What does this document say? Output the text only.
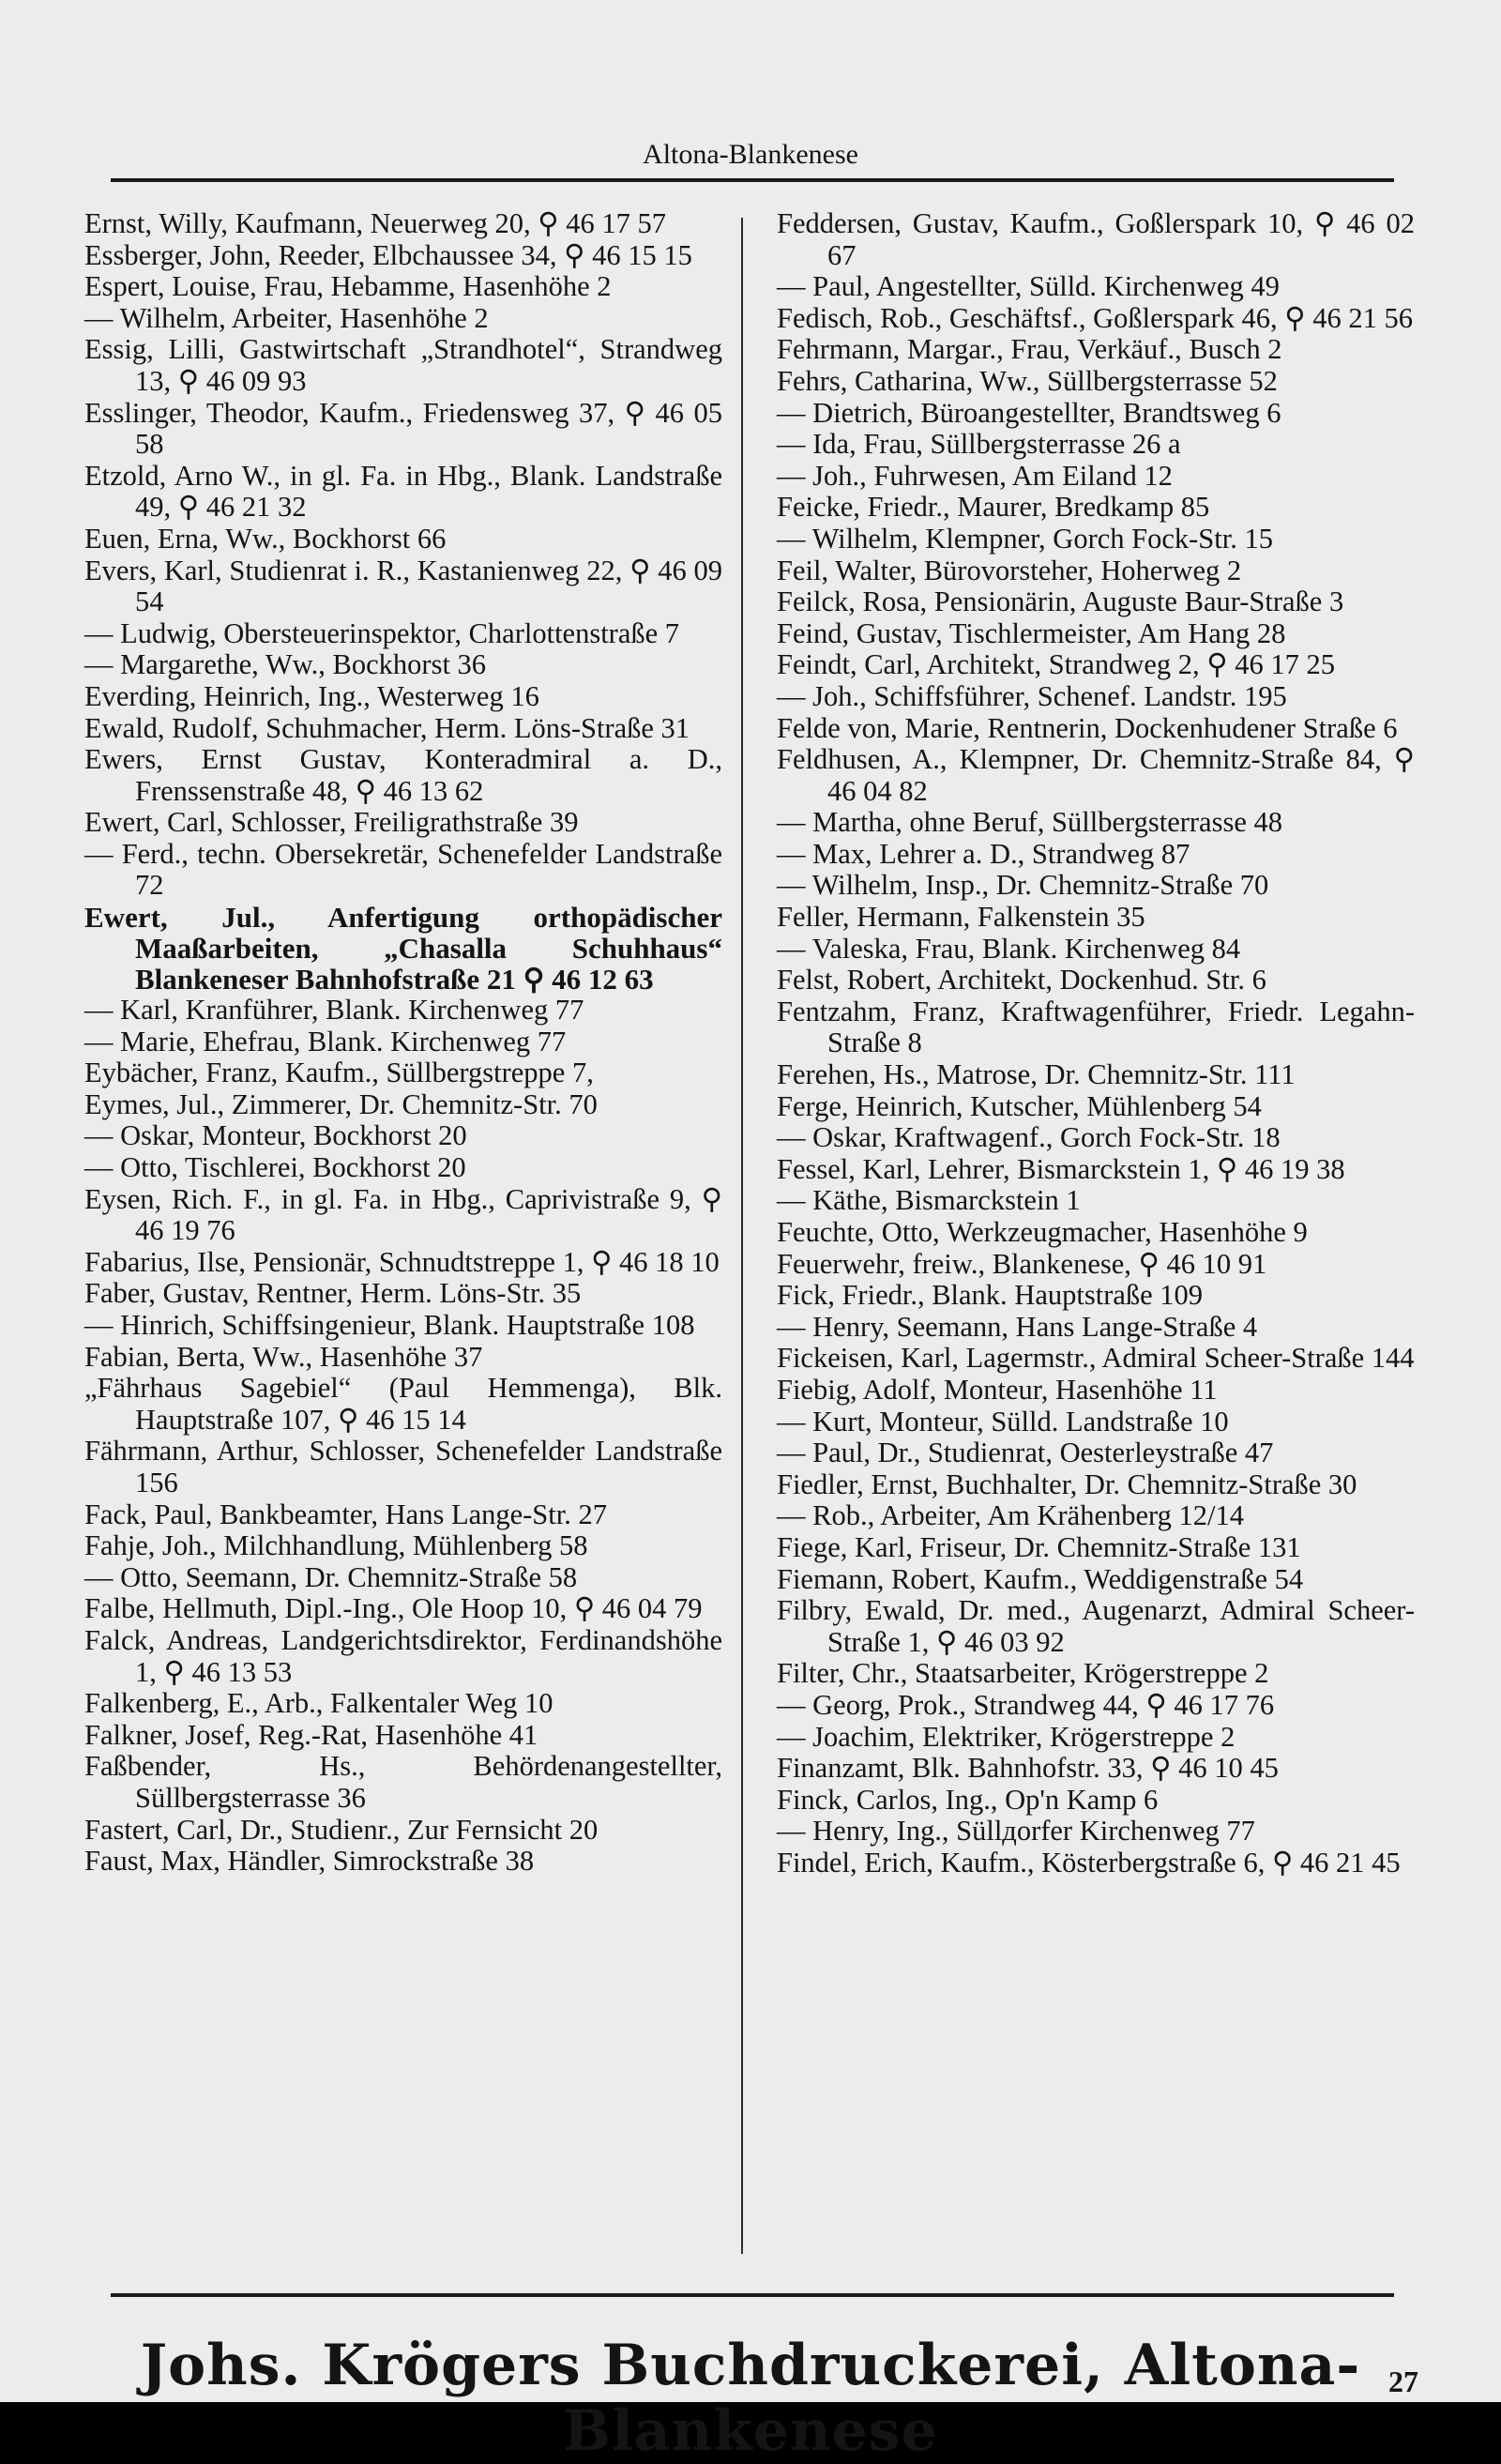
Altona-Blankenese

Ernst, Willy, Kaufmann, Neuerweg 20, ⚲ 46 17 57

Essberger, John, Reeder, Elbchaussee 34, ⚲ 46 15 15

Espert, Louise, Frau, Hebamme, Hasenhöhe 2

— Wilhelm, Arbeiter, Hasenhöhe 2

Essig, Lilli, Gastwirtschaft „Strandhotel“, Strandweg 13, ⚲ 46 09 93

Esslinger, Theodor, Kaufm., Friedensweg 37, ⚲ 46 05 58

Etzold, Arno W., in gl. Fa. in Hbg., Blank. Landstraße 49, ⚲ 46 21 32

Euen, Erna, Ww., Bockhorst 66

Evers, Karl, Studienrat i. R., Kastanienweg 22, ⚲ 46 09 54

— Ludwig, Obersteuerinspektor, Charlottenstraße 7

— Margarethe, Ww., Bockhorst 36

Everding, Heinrich, Ing., Westerweg 16

Ewald, Rudolf, Schuhmacher, Herm. Löns-Straße 31

Ewers, Ernst Gustav, Konteradmiral a. D., Frenssenstraße 48, ⚲ 46 13 62

Ewert, Carl, Schlosser, Freiligrathstraße 39

— Ferd., techn. Obersekretär, Schenefelder Landstraße 72

Ewert, Jul., Anfertigung orthopädischer Maaßarbeiten, „Chasalla Schuhhaus“ Blankeneser Bahnhofstraße 21 ⚲ 46 12 63

— Karl, Kranführer, Blank. Kirchenweg 77

— Marie, Ehefrau, Blank. Kirchenweg 77

Eybächer, Franz, Kaufm., Süllbergstreppe 7,

Eymes, Jul., Zimmerer, Dr. Chemnitz-Str. 70

— Oskar, Monteur, Bockhorst 20

— Otto, Tischlerei, Bockhorst 20

Eysen, Rich. F., in gl. Fa. in Hbg., Caprivistraße 9, ⚲ 46 19 76

Fabarius, Ilse, Pensionär, Schnudtstreppe 1, ⚲ 46 18 10

Faber, Gustav, Rentner, Herm. Löns-Str. 35

— Hinrich, Schiffsingenieur, Blank. Hauptstraße 108

Fabian, Berta, Ww., Hasenhöhe 37

„Fährhaus Sagebiel“ (Paul Hemmenga), Blk. Hauptstraße 107, ⚲ 46 15 14

Fährmann, Arthur, Schlosser, Schenefelder Landstraße 156

Fack, Paul, Bankbeamter, Hans Lange-Str. 27

Fahje, Joh., Milchhandlung, Mühlenberg 58

— Otto, Seemann, Dr. Chemnitz-Straße 58

Falbe, Hellmuth, Dipl.-Ing., Ole Hoop 10, ⚲ 46 04 79

Falck, Andreas, Landgerichtsdirektor, Ferdinandshöhe 1, ⚲ 46 13 53

Falkenberg, E., Arb., Falkentaler Weg 10

Falkner, Josef, Reg.-Rat, Hasenhöhe 41

Faßbender, Hs., Behördenangestellter, Süllbergsterrasse 36

Fastert, Carl, Dr., Studienr., Zur Fernsicht 20

Faust, Max, Händler, Simrockstraße 38

Feddersen, Gustav, Kaufm., Goßlerspark 10, ⚲ 46 02 67

— Paul, Angestellter, Sülld. Kirchenweg 49

Fedisch, Rob., Geschäftsf., Goßlerspark 46, ⚲ 46 21 56

Fehrmann, Margar., Frau, Verkäuf., Busch 2

Fehrs, Catharina, Ww., Süllbergsterrasse 52

— Dietrich, Büroangestellter, Brandtsweg 6

— Ida, Frau, Süllbergsterrasse 26 a

— Joh., Fuhrwesen, Am Eiland 12

Feicke, Friedr., Maurer, Bredkamp 85

— Wilhelm, Klempner, Gorch Fock-Str. 15

Feil, Walter, Bürovorsteher, Hoherweg 2

Feilck, Rosa, Pensionärin, Auguste Baur-Straße 3

Feind, Gustav, Tischlermeister, Am Hang 28

Feindt, Carl, Architekt, Strandweg 2, ⚲ 46 17 25

— Joh., Schiffsführer, Schenef. Landstr. 195

Felde von, Marie, Rentnerin, Dockenhudener Straße 6

Feldhusen, A., Klempner, Dr. Chemnitz-Straße 84, ⚲ 46 04 82

— Martha, ohne Beruf, Süllbergsterrasse 48

— Max, Lehrer a. D., Strandweg 87

— Wilhelm, Insp., Dr. Chemnitz-Straße 70

Feller, Hermann, Falkenstein 35

— Valeska, Frau, Blank. Kirchenweg 84

Felst, Robert, Architekt, Dockenhud. Str. 6

Fentzahm, Franz, Kraftwagenführer, Friedr. Legahn-Straße 8

Ferehen, Hs., Matrose, Dr. Chemnitz-Str. 111

Ferge, Heinrich, Kutscher, Mühlenberg 54

— Oskar, Kraftwagenf., Gorch Fock-Str. 18

Fessel, Karl, Lehrer, Bismarckstein 1, ⚲ 46 19 38

— Käthe, Bismarckstein 1

Feuchte, Otto, Werkzeugmacher, Hasenhöhe 9

Feuerwehr, freiw., Blankenese, ⚲ 46 10 91

Fick, Friedr., Blank. Hauptstraße 109

— Henry, Seemann, Hans Lange-Straße 4

Fickeisen, Karl, Lagermstr., Admiral Scheer-Straße 144

Fiebig, Adolf, Monteur, Hasenhöhe 11

— Kurt, Monteur, Sülld. Landstraße 10

— Paul, Dr., Studienrat, Oesterleystraße 47

Fiedler, Ernst, Buchhalter, Dr. Chemnitz-Straße 30

— Rob., Arbeiter, Am Krähenberg 12/14

Fiege, Karl, Friseur, Dr. Chemnitz-Straße 131

Fiemann, Robert, Kaufm., Weddigenstraße 54

Filbry, Ewald, Dr. med., Augenarzt, Admiral Scheer-Straße 1, ⚲ 46 03 92

Filter, Chr., Staatsarbeiter, Krögerstreppe 2

— Georg, Prok., Strandweg 44, ⚲ 46 17 76

— Joachim, Elektriker, Krögerstreppe 2

Finanzamt, Blk. Bahnhofstr. 33, ⚲ 46 10 45

Finck, Carlos, Ing., Op'n Kamp 6

— Henry, Ing., Süllдorfer Kirchenweg 77

Findel, Erich, Kaufm., Kösterbergstraße 6, ⚲ 46 21 45

Johs. Krögers Buchdruckerei, Altona-Blankenese
27
